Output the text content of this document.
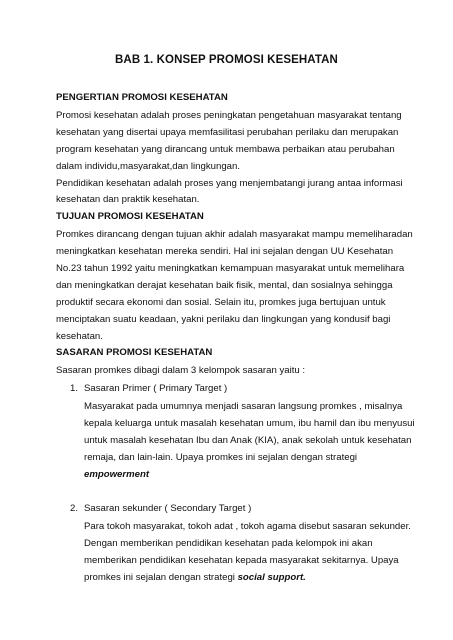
BAB 1. KONSEP PROMOSI KESEHATAN
PENGERTIAN PROMOSI KESEHATAN
Promosi kesehatan adalah proses peningkatan pengetahuan masyarakat tentang
kesehatan yang disertai upaya memfasilitasi perubahan perilaku dan merupakan
program kesehatan yang dirancang untuk membawa perbaikan atau perubahan
dalam individu,masyarakat,dan lingkungan.
Pendidikan kesehatan adalah proses yang menjembatangi jurang antaa informasi
kesehatan dan praktik kesehatan.
TUJUAN PROMOSI KESEHATAN
Promkes dirancang dengan tujuan akhir adalah masyarakat mampu memeliharadan
meningkatkan kesehatan mereka sendiri. Hal ini sejalan dengan UU Kesehatan
No.23 tahun 1992 yaitu meningkatkan kemampuan masyarakat untuk memelihara
dan meningkatkan derajat kesehatan baik fisik, mental, dan sosialnya sehingga
produktif secara ekonomi dan sosial. Selain itu, promkes juga bertujuan untuk
menciptakan suatu keadaan, yakni perilaku dan lingkungan yang kondusif bagi
kesehatan.
SASARAN PROMOSI KESEHATAN
Sasaran promkes dibagi dalam 3 kelompok sasaran yaitu :
1. Sasaran Primer ( Primary Target )
Masyarakat pada umumnya menjadi sasaran langsung promkes , misalnya
kepala keluarga untuk masalah kesehatan umum, ibu hamil dan ibu menyusui
untuk masalah kesehatan Ibu dan Anak (KIA), anak sekolah untuk kesehatan
remaja, dan lain-lain. Upaya promkes ini sejalan dengan strategi
empowerment
2. Sasaran sekunder ( Secondary Target )
Para tokoh masyarakat, tokoh adat , tokoh agama disebut sasaran sekunder.
Dengan memberikan pendidikan kesehatan pada kelompok ini akan
memberikan pendidikan kesehatan kepada masyarakat sekitarnya. Upaya
promkes ini sejalan dengan strategi social support.
